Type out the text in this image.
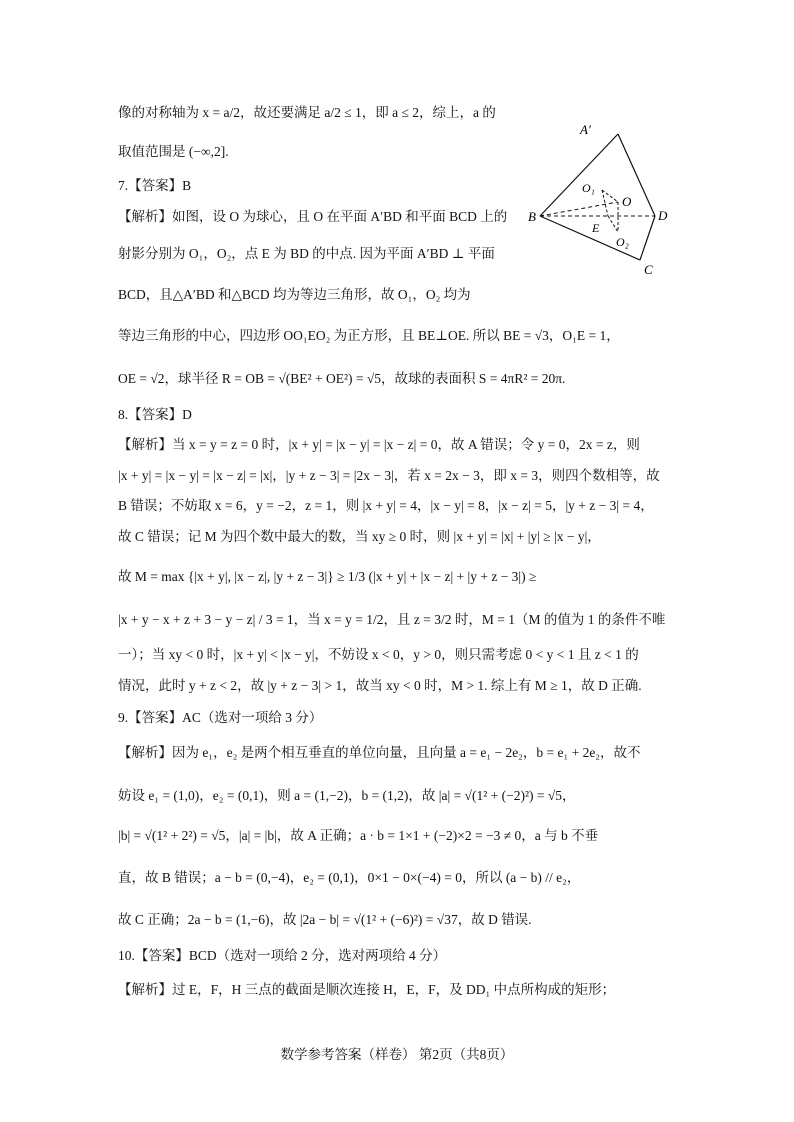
像的对称轴为 x = a/2，故还要满足 a/2 ≤ 1，即 a ≤ 2，综上，a 的
取值范围是 (−∞,2].
7.【答案】B
【解析】如图，设 O 为球心，且 O 在平面 A′BD 和平面 BCD 上的
射影分别为 O₁，O₂，点 E 为 BD 的中点. 因为平面 A′BD ⊥ 平面
BCD，且△A′BD 和△BCD 均为等边三角形，故 O₁，O₂ 均为
等边三角形的中心，四边形 OO₁EO₂ 为正方形，且 BE⊥OE. 所以 BE = √3，O₁E = 1，
OE = √2，球半径 R = OB = √(BE² + OE²) = √5，故球的表面积 S = 4πR² = 20π.
8.【答案】D
【解析】当 x = y = z = 0 时，|x + y| = |x − y| = |x − z| = 0，故 A 错误；令 y = 0，2x = z，则
|x + y| = |x − y| = |x − z| = |x|，|y + z − 3| = |2x − 3|，若 x = 2x − 3，即 x = 3，则四个数相等，故
B 错误；不妨取 x = 6，y = −2，z = 1，则 |x + y| = 4，|x − y| = 8，|x − z| = 5，|y + z − 3| = 4，
故 C 错误；记 M 为四个数中最大的数，当 xy ≥ 0 时，则 |x + y| = |x| + |y| ≥ |x − y|，
故 M = max {|x + y|, |x − z|, |y + z − 3|} ≥ 1/3 (|x + y| + |x − z| + |y + z − 3|) ≥
|x + y − x + z + 3 − y − z| / 3 = 1，当 x = y = 1/2，且 z = 3/2 时，M = 1（M 的值为 1 的条件不唯
一）；当 xy < 0 时，|x + y| < |x − y|，不妨设 x < 0，y > 0，则只需考虑 0 < y < 1 且 z < 1 的
情况，此时 y + z < 2，故 |y + z − 3| > 1，故当 xy < 0 时，M > 1. 综上有 M ≥ 1，故 D 正确.
9.【答案】AC（选对一项给 3 分）
【解析】因为 e₁，e₂ 是两个相互垂直的单位向量，且向量 a = e₁ − 2e₂，b = e₁ + 2e₂，故不
妨设 e₁ = (1,0)，e₂ = (0,1)，则 a = (1,−2)，b = (1,2)，故 |a| = √(1² + (−2)²) = √5，
|b| = √(1² + 2²) = √5，|a| = |b|，故 A 正确；a · b = 1×1 + (−2)×2 = −3 ≠ 0，a 与 b 不垂
直，故 B 错误；a − b = (0,−4)，e₂ = (0,1)，0×1 − 0×(−4) = 0，所以 (a − b) // e₂，
故 C 正确；2a − b = (1,−6)，故 |2a − b| = √(1² + (−6)²) = √37，故 D 错误.
10.【答案】BCD（选对一项给 2 分，选对两项给 4 分）
【解析】过 E，F，H 三点的截面是顺次连接 H，E，F，及 DD₁ 中点所构成的矩形；
A′
B
C
D
O
O₁
O₂
E
数学参考答案（样卷） 第2页（共8页）
